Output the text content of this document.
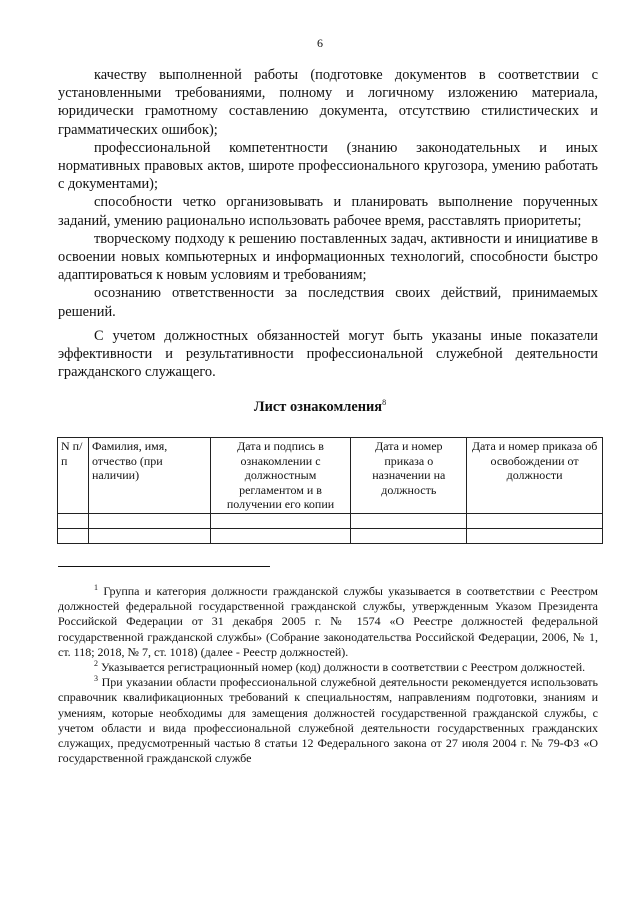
6

качеству выполненной работы (подготовке документов в соответствии с установленными требованиями, полному и логичному изложению материала, юридически грамотному составлению документа, отсутствию стилистических и грамматических ошибок);

профессиональной компетентности (знанию законодательных и иных нормативных правовых актов, широте профессионального кругозора, умению работать с документами);

способности четко организовывать и планировать выполнение порученных заданий, умению рационально использовать рабочее время, расставлять приоритеты;

творческому подходу к решению поставленных задач, активности и инициативе в освоении новых компьютерных и информационных технологий, способности быстро адаптироваться к новым условиям и требованиям;

осознанию ответственности за последствия своих действий, принимаемых решений.

С учетом должностных обязанностей могут быть указаны иные показатели эффективности и результативности профессиональной служебной деятельности гражданского служащего.

Лист ознакомления$^8$
N п/п	Фамилия, имя, отчество (при наличии)	Дата и подпись в ознакомлении с должностным регламентом и в получении его копии	Дата и номер приказа о назначении на должность	Дата и номер приказа об освобождении от должности

$^1$ Группа и категория должности гражданской службы указывается в соответствии с Реестром должностей федеральной государственной гражданской службы, утвержденным Указом Президента Российской Федерации от 31 декабря 2005 г. № 1574 «О Реестре должностей федеральной государственной гражданской службы» (Собрание законодательства Российской Федерации, 2006, № 1, ст. 118; 2018, № 7, ст. 1018) (далее - Реестр должностей).

$^2$ Указывается регистрационный номер (код) должности в соответствии с Реестром должностей.

$^3$ При указании области профессиональной служебной деятельности рекомендуется использовать справочник квалификационных требований к специальностям, направлениям подготовки, знаниям и умениям, которые необходимы для замещения должностей государственной гражданской службы, с учетом области и вида профессиональной служебной деятельности государственных гражданских служащих, предусмотренный частью 8 статьи 12 Федерального закона от 27 июля 2004 г. № 79-ФЗ «О государственной гражданской службе
